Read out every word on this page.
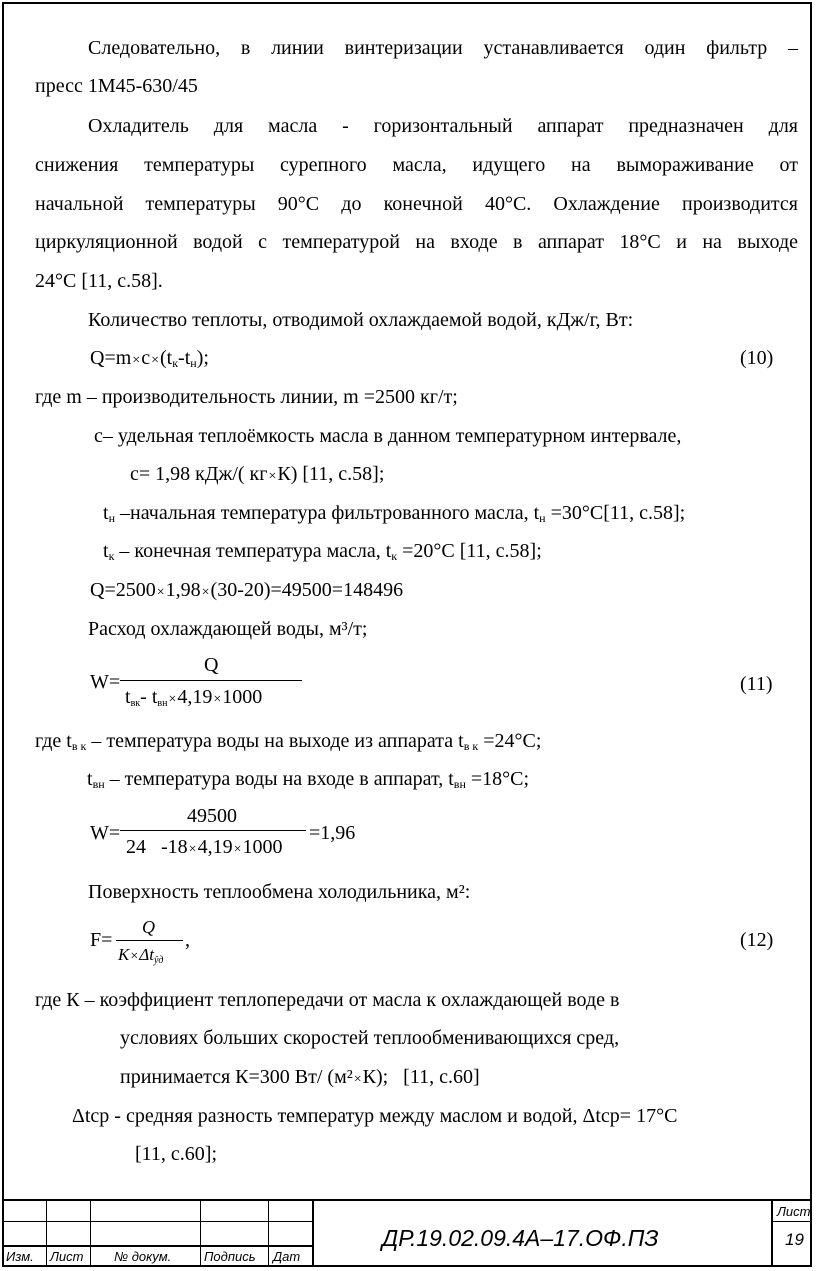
Следовательно, в линии винтеризации устанавливается один фильтр –
пресс 1М45-630/45
Охладитель для масла - горизонтальный аппарат предназначен для
снижения температуры сурепного масла, идущего на вымораживание от
начальной температуры 90°С до конечной 40°С. Охлаждение производится
циркуляционной водой с температурой на входе в аппарат 18°С и на выходе
24°С [11, с.58].
Количество теплоты, отводимой охлаждаемой водой, кДж/г, Вт:
$Q=m\times c\times(t_к-t_н)$;	(10)
где m – производительность линии, m =2500 кг/т;
с– удельная теплоёмкость масла в данном температурном интервале,
с= 1,98 кДж/( кг×К) [11, с.58];
$t_н$ –начальная температура фильтрованного масла, $t_н =30^\circ С[11$, с.58];
$t_к$ – конечная температура масла, $t_к =20^\circ С$ [11, с.58];
Q=2500×1,98×(30-20)=49500=148496
Расход охлаждающей воды, м³/т;
W=
Q
$t_{вк}-$ $t_{вн}\times 4,19\times 1000$
(11)
где $t_{в к}$ – температура воды на выходе из аппарата $t_{в к} =24^\circ С$;
$t_{вн}$ – температура воды на входе в аппарат, $t_{вн} =18^\circ С$;
W=
49500
24   -18×4,19×1000
=1,96
Поверхность теплообмена холодильника, м²:
F=
Q
$K\times\Delta t_{ŷд}$
,	(12)
где К – коэффициент теплопередачи от масла к охлаждающей воде в
условиях больших скоростей теплообменивающихся сред,
принимается К=300 Вт/ (м²×К);   [11, с.60]
Δtср - средняя разность температур между маслом и водой, Δtср= 17°С
[11, с.60];
Изм. Лист № докум.	Подпись Дат
ДР.19.02.09.4А–17.ОФ.ПЗ
Лист
19
